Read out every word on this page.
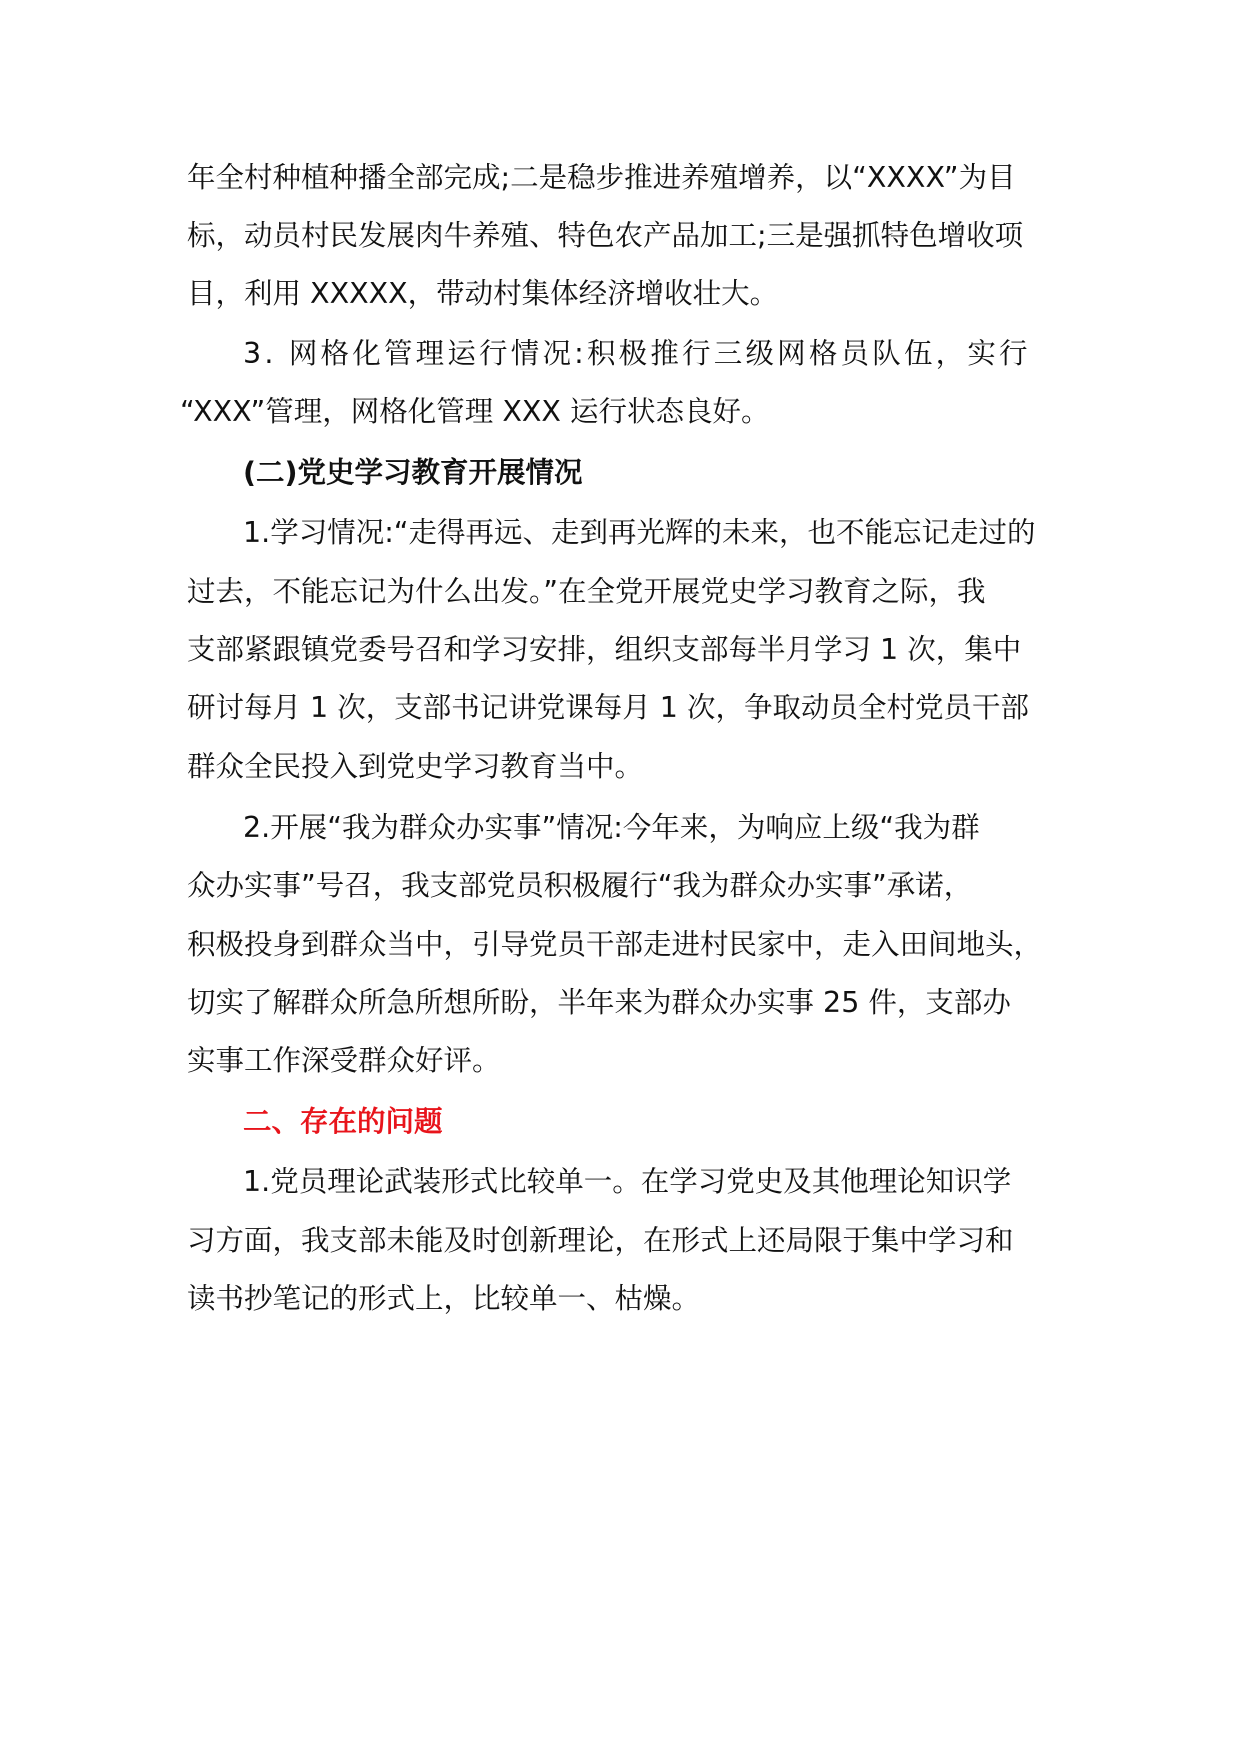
年全村种植种播全部完成;二是稳步推进养殖增养，以“XXXX”为目

标，动员村民发展肉牛养殖、特色农产品加工;三是强抓特色增收项

目，利用 XXXXX，带动村集体经济增收壮大。

3. 网格化管理运行情况:积极推行三级网格员队伍，实行

“XXX”管理，网格化管理 XXX 运行状态良好。

(二)党史学习教育开展情况

1.学习情况:“走得再远、走到再光辉的未来，也不能忘记走过的

过去，不能忘记为什么出发。”在全党开展党史学习教育之际，我

支部紧跟镇党委号召和学习安排，组织支部每半月学习 1 次，集中

研讨每月 1 次，支部书记讲党课每月 1 次，争取动员全村党员干部

群众全民投入到党史学习教育当中。

2.开展“我为群众办实事”情况:今年来，为响应上级“我为群

众办实事”号召，我支部党员积极履行“我为群众办实事”承诺，

积极投身到群众当中，引导党员干部走进村民家中，走入田间地头，

切实了解群众所急所想所盼，半年来为群众办实事 25 件，支部办

实事工作深受群众好评。

二、存在的问题

1.党员理论武装形式比较单一。在学习党史及其他理论知识学

习方面，我支部未能及时创新理论，在形式上还局限于集中学习和

读书抄笔记的形式上，比较单一、枯燥。
